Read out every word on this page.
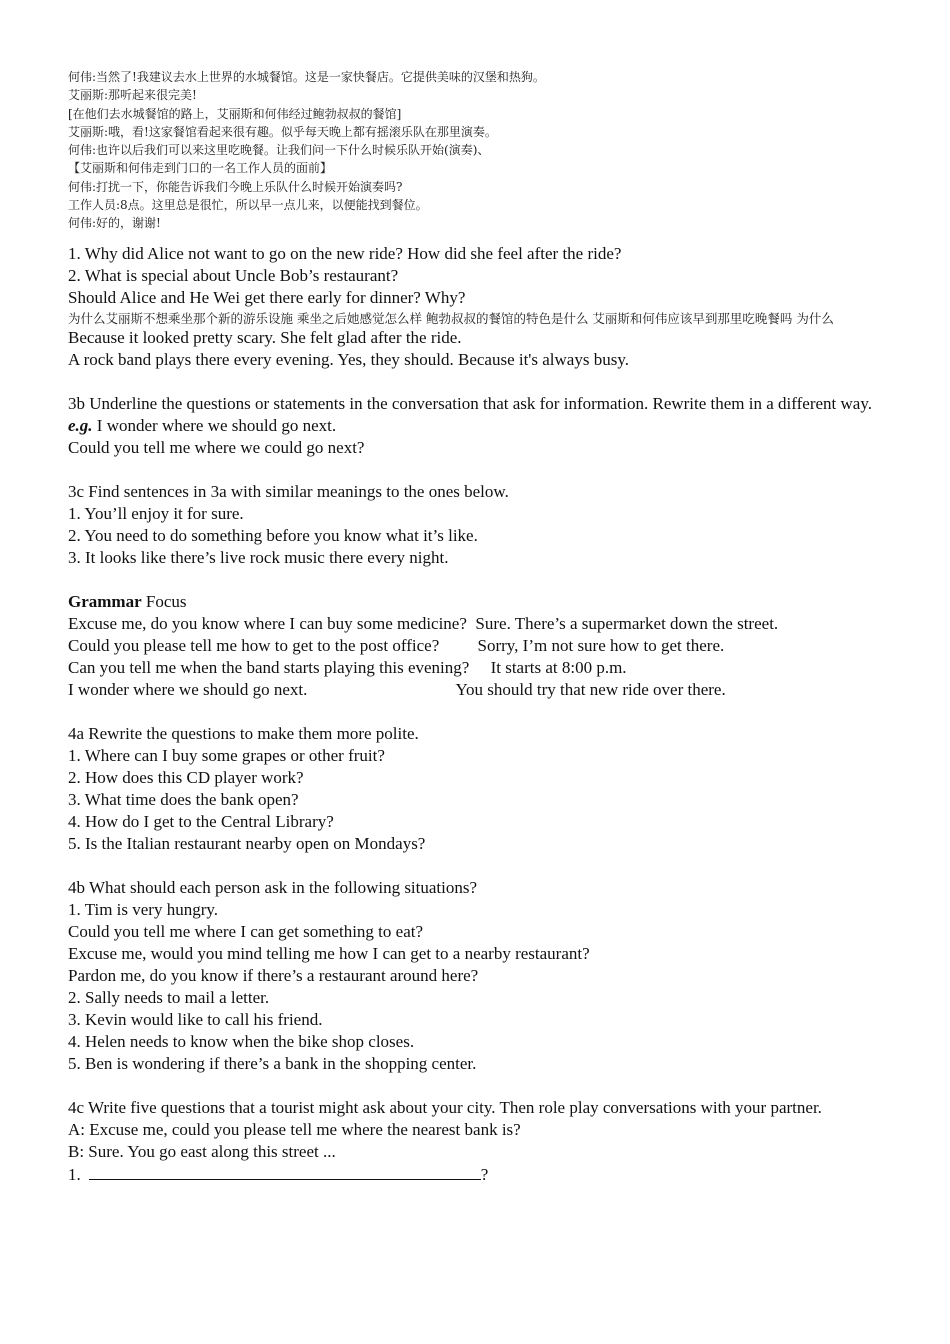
何伟:当然了!我建议去水上世界的水城餐馆。这是一家快餐店。它提供美味的汉堡和热狗。
艾丽斯:那听起来很完美!
[在他们去水城餐馆的路上，艾丽斯和何伟经过鲍勃叔叔的餐馆]
艾丽斯:哦，看!这家餐馆看起来很有趣。似乎每天晚上都有摇滚乐队在那里演奏。
何伟:也许以后我们可以来这里吃晚餐。让我们问一下什么时候乐队开始(演奏)、
【艾丽斯和何伟走到门口的一名工作人员的面前】
何伟:打扰一下，你能告诉我们今晚上乐队什么时候开始演奏吗?
工作人员:8点。这里总是很忙，所以早一点儿来，以便能找到餐位。
何伟:好的，谢谢!
1. Why did Alice not want to go on the new ride? How did she feel after the ride?
2. What is special about Uncle Bob’s restaurant?
Should Alice and He Wei get there early for dinner? Why?
为什么艾丽斯不想乘坐那个新的游乐设施 乘坐之后她感觉怎么样 鲍勃叔叔的餐馆的特色是什么 艾丽斯和何伟应该早到那里吃晚餐吗 为什么
Because it looked pretty scary. She felt glad after the ride.
A rock band plays there every evening. Yes, they should. Because it's always busy.
3b Underline the questions or statements in the conversation that ask for information. Rewrite them in a different way.
e.g. I wonder where we should go next.
Could you tell me where we could go next?
3c Find sentences in 3a with similar meanings to the ones below.
1. You’ll enjoy it for sure.
2. You need to do something before you know what it’s like.
3. It looks like there’s live rock music there every night.
Grammar Focus
Excuse me, do you know where I can buy some medicine? Sure. There’s a supermarket down the street.
Could you please tell me how to get to the post office? Sorry, I’m not sure how to get there.
Can you tell me when the band starts playing this evening? It starts at 8:00 p.m.
I wonder where we should go next. You should try that new ride over there.
4a Rewrite the questions to make them more polite.
1. Where can I buy some grapes or other fruit?
2. How does this CD player work?
3. What time does the bank open?
4. How do I get to the Central Library?
5. Is the Italian restaurant nearby open on Mondays?
4b What should each person ask in the following situations?
1. Tim is very hungry.
Could you tell me where I can get something to eat?
Excuse me, would you mind telling me how I can get to a nearby restaurant?
Pardon me, do you know if there’s a restaurant around here?
2. Sally needs to mail a letter.
3. Kevin would like to call his friend.
4. Helen needs to know when the bike shop closes.
5. Ben is wondering if there’s a bank in the shopping center.
4c Write five questions that a tourist might ask about your city. Then role play conversations with your partner.
A: Excuse me, could you please tell me where the nearest bank is?
B: Sure. You go east along this street ...
1.	?
